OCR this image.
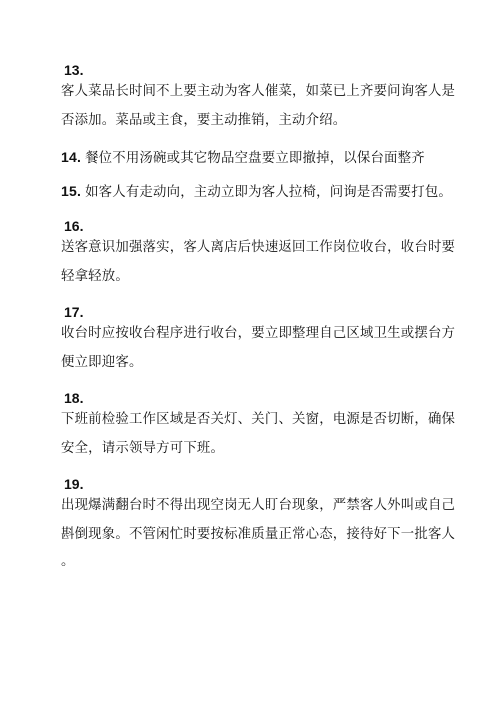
13.
客人菜品长时间不上要主动为客人催菜，如菜已上齐要问询客人是
否添加。菜品或主食，要主动推销，主动介绍。
14. 餐位不用汤碗或其它物品空盘要立即撤掉，以保台面整齐
15. 如客人有走动向，主动立即为客人拉椅，问询是否需要打包。
16.
送客意识加强落实，客人离店后快速返回工作岗位收台，收台时要
轻拿轻放。
17.
收台时应按收台程序进行收台，要立即整理自己区域卫生或摆台方
便立即迎客。
18.
下班前检验工作区域是否关灯、关门、关窗，电源是否切断，确保
安全，请示领导方可下班。
19.
出现爆满翻台时不得出现空岗无人盯台现象，严禁客人外叫或自己
斟倒现象。不管闲忙时要按标准质量正常心态，接待好下一批客人
。
